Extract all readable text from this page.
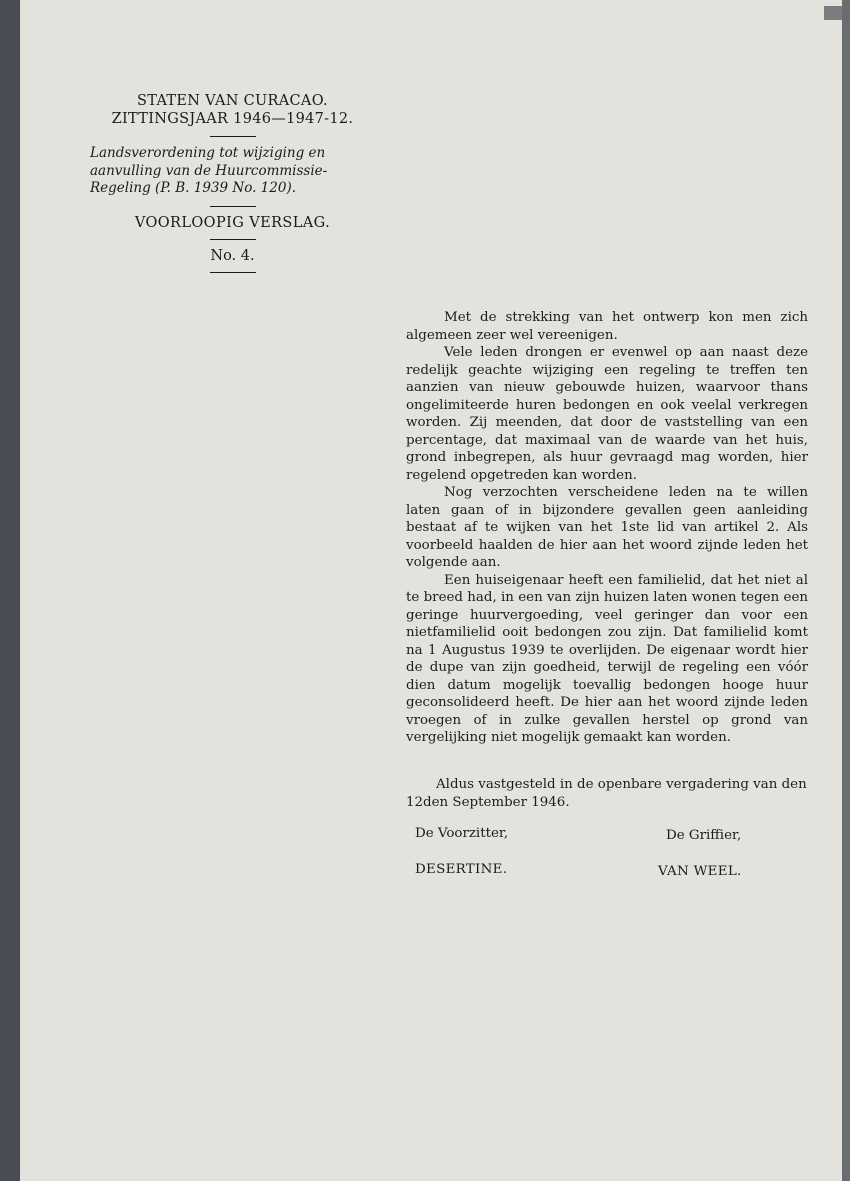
STATEN VAN CURACAO.
ZITTINGSJAAR 1946—1947-12.
Landsverordening tot wijziging en aanvulling van de Huurcommissie-Regeling (P. B. 1939 No. 120).
VOORLOOPIG VERSLAG.
No. 4.

Met de strekking van het ontwerp kon men zich algemeen zeer wel vereenigen.

Vele leden drongen er evenwel op aan naast deze redelijk geachte wijziging een regeling te treffen ten aanzien van nieuw gebouwde huizen, waarvoor thans ongelimiteerde huren bedongen en ook veelal verkregen worden. Zij meenden, dat door de vaststelling van een percentage, dat maximaal van de waarde van het huis, grond inbegrepen, als huur gevraagd mag worden, hier regelend opgetreden kan worden.

Nog verzochten verscheidene leden na te willen laten gaan of in bijzondere gevallen geen aanleiding bestaat af te wijken van het 1ste lid van artikel 2. Als voorbeeld haalden de hier aan het woord zijnde leden het volgende aan.

Een huiseigenaar heeft een familielid, dat het niet al te breed had, in een van zijn huizen laten wonen tegen een geringe huurvergoeding, veel geringer dan voor een nietfamilielid ooit bedongen zou zijn. Dat familielid komt na 1 Augustus 1939 te overlijden. De eigenaar wordt hier de dupe van zijn goedheid, terwijl de regeling een vóór dien datum mogelijk toevallig bedongen hooge huur geconsolideerd heeft. De hier aan het woord zijnde leden vroegen of in zulke gevallen herstel op grond van vergelijking niet mogelijk gemaakt kan worden.

Aldus vastgesteld in de openbare vergadering van den 12den September 1946.

De Voorzitter,	De Griffier,
DESERTINE.	VAN WEEL.
